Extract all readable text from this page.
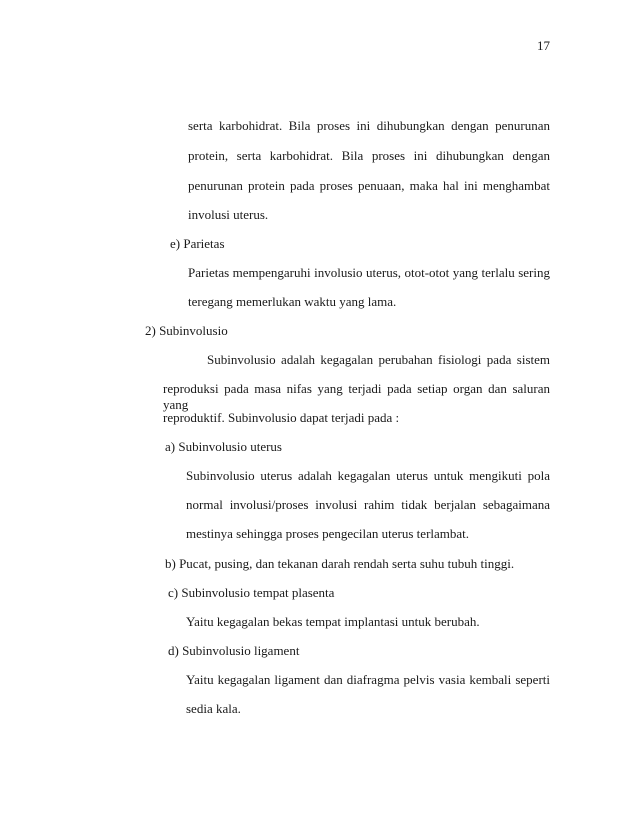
17
serta karbohidrat. Bila proses ini dihubungkan dengan penurunan
protein, serta karbohidrat. Bila proses ini dihubungkan dengan
penurunan protein pada proses penuaan, maka hal ini menghambat
involusi uterus.
e) Parietas
Parietas mempengaruhi involusio uterus, otot-otot yang terlalu sering
teregang memerlukan waktu yang lama.
2) Subinvolusio
Subinvolusio adalah kegagalan perubahan fisiologi pada sistem
reproduksi pada masa nifas yang terjadi pada setiap organ dan saluran yang
reproduktif. Subinvolusio dapat terjadi pada :
a) Subinvolusio uterus
Subinvolusio uterus adalah kegagalan uterus untuk mengikuti pola
normal involusi/proses involusi rahim tidak berjalan sebagaimana
mestinya sehingga proses pengecilan uterus terlambat.
b) Pucat, pusing, dan tekanan darah rendah serta suhu tubuh tinggi.
c) Subinvolusio tempat plasenta
Yaitu kegagalan bekas tempat implantasi untuk berubah.
d) Subinvolusio ligament
Yaitu kegagalan ligament dan diafragma pelvis vasia kembali seperti
sedia kala.
